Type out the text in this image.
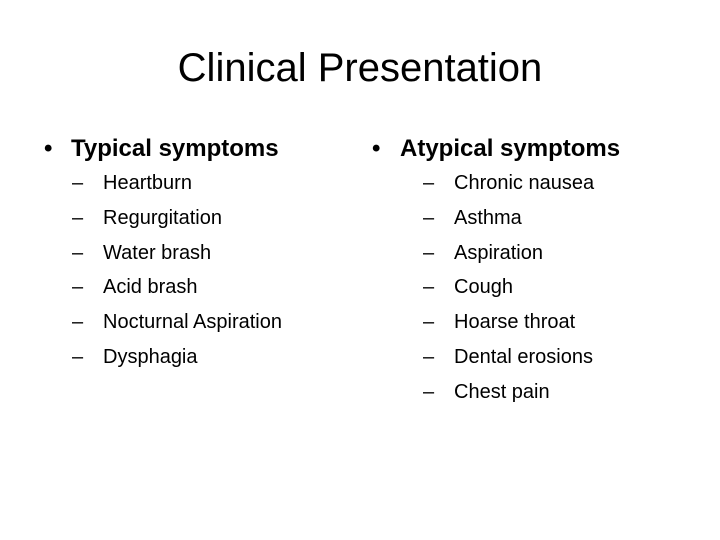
Clinical Presentation
• Typical symptoms
– Heartburn
– Regurgitation
– Water brash
– Acid brash
– Nocturnal Aspiration
– Dysphagia
• Atypical symptoms
– Chronic nausea
– Asthma
– Aspiration
– Cough
– Hoarse throat
– Dental erosions
– Chest pain
